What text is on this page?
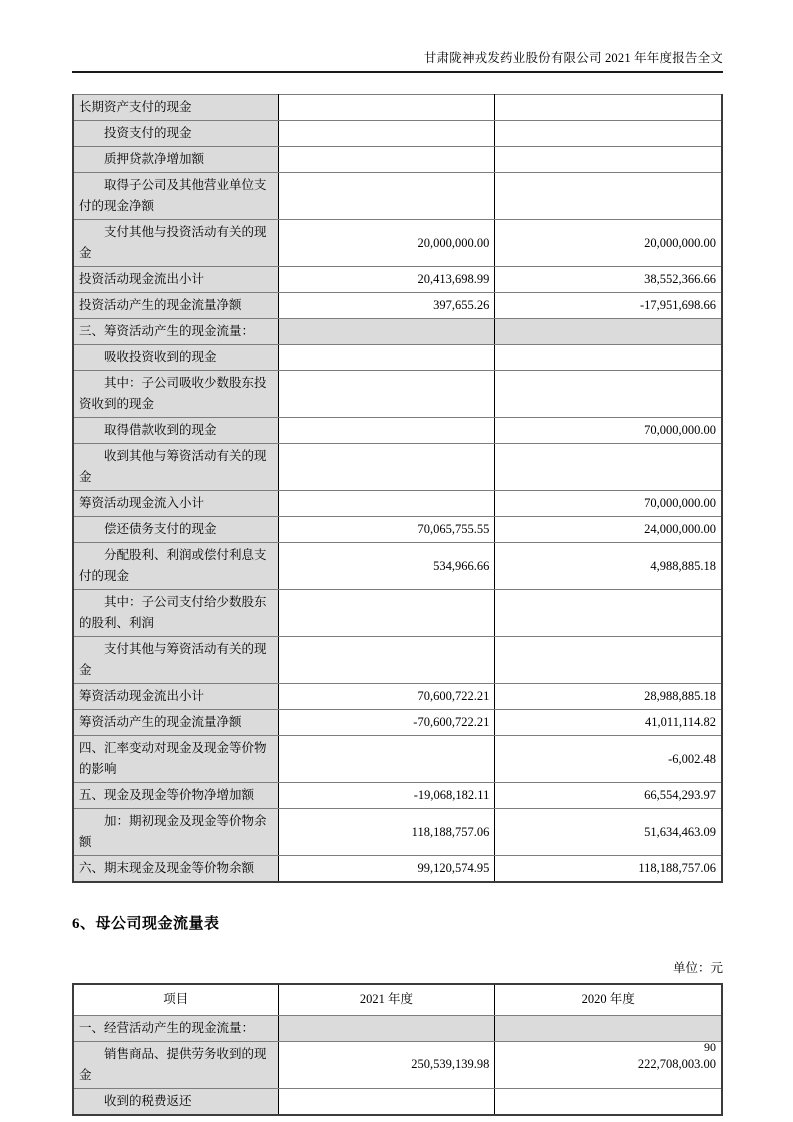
甘肃陇神戎发药业股份有限公司 2021 年年度报告全文
长期资产支付的现金		
投资支付的现金		
质押贷款净增加额		
取得子公司及其他营业单位支付的现金净额		
支付其他与投资活动有关的现金	20,000,000.00	20,000,000.00
投资活动现金流出小计	20,413,698.99	38,552,366.66
投资活动产生的现金流量净额	397,655.26	-17,951,698.66
三、筹资活动产生的现金流量：		
吸收投资收到的现金		
其中：子公司吸收少数股东投资收到的现金		
取得借款收到的现金		70,000,000.00
收到其他与筹资活动有关的现金		
筹资活动现金流入小计		70,000,000.00
偿还债务支付的现金	70,065,755.55	24,000,000.00
分配股利、利润或偿付利息支付的现金	534,966.66	4,988,885.18
其中：子公司支付给少数股东的股利、利润		
支付其他与筹资活动有关的现金		
筹资活动现金流出小计	70,600,722.21	28,988,885.18
筹资活动产生的现金流量净额	-70,600,722.21	41,011,114.82
四、汇率变动对现金及现金等价物的影响		-6,002.48
五、现金及现金等价物净增加额	-19,068,182.11	66,554,293.97
加：期初现金及现金等价物余额	118,188,757.06	51,634,463.09
六、期末现金及现金等价物余额	99,120,574.95	118,188,757.06
6、母公司现金流量表
单位：元
项目	2021 年度	2020 年度
一、经营活动产生的现金流量：		
销售商品、提供劳务收到的现金	250,539,139.98	222,708,003.00
收到的税费返还		
90
